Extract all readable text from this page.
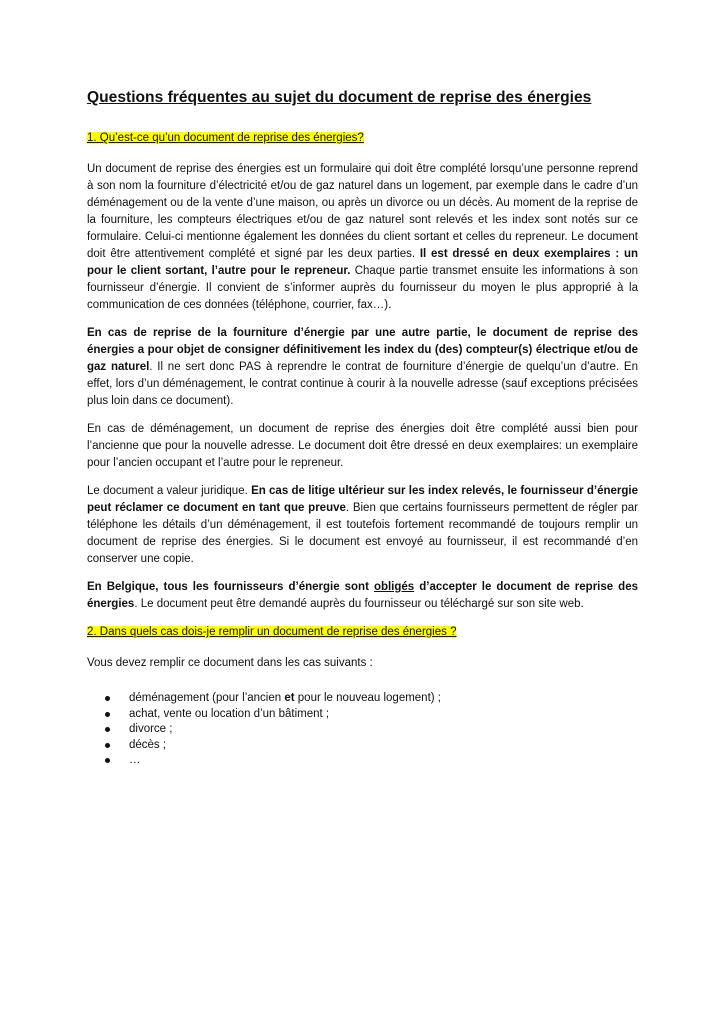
Questions fréquentes au sujet du document de reprise des énergies
1. Qu’est-ce qu’un document de reprise des énergies?

Un document de reprise des énergies est un formulaire qui doit être complété lorsqu’une personne reprend à son nom la fourniture d’électricité et/ou de gaz naturel dans un logement, par exemple dans le cadre d’un déménagement ou de la vente d’une maison, ou après un divorce ou un décès. Au moment de la reprise de la fourniture, les compteurs électriques et/ou de gaz naturel sont relevés et les index sont notés sur ce formulaire. Celui-ci mentionne également les données du client sortant et celles du repreneur. Le document doit être attentivement complété et signé par les deux parties. Il est dressé en deux exemplaires : un pour le client sortant, l’autre pour le repreneur. Chaque partie transmet ensuite les informations à son fournisseur d’énergie. Il convient de s’informer auprès du fournisseur du moyen le plus approprié à la communication de ces données (téléphone, courrier, fax…).

En cas de reprise de la fourniture d’énergie par une autre partie, le document de reprise des énergies a pour objet de consigner définitivement les index du (des) compteur(s) électrique et/ou de gaz naturel. Il ne sert donc PAS à reprendre le contrat de fourniture d’énergie de quelqu’un d’autre. En effet, lors d’un déménagement, le contrat continue à courir à la nouvelle adresse (sauf exceptions précisées plus loin dans ce document).

En cas de déménagement, un document de reprise des énergies doit être complété aussi bien pour l’ancienne que pour la nouvelle adresse. Le document doit être dressé en deux exemplaires: un exemplaire pour l’ancien occupant et l’autre pour le repreneur.

Le document a valeur juridique. En cas de litige ultérieur sur les index relevés, le fournisseur d’énergie peut réclamer ce document en tant que preuve. Bien que certains fournisseurs permettent de régler par téléphone les détails d’un déménagement, il est toutefois fortement recommandé de toujours remplir un document de reprise des énergies. Si le document est envoyé au fournisseur, il est recommandé d’en conserver une copie.

En Belgique, tous les fournisseurs d’énergie sont obligés d’accepter le document de reprise des énergies. Le document peut être demandé auprès du fournisseur ou téléchargé sur son site web.

2. Dans quels cas dois-je remplir un document de reprise des énergies ?

Vous devez remplir ce document dans les cas suivants :

déménagement (pour l’ancien et pour le nouveau logement) ;
achat, vente ou location d’un bâtiment ;
divorce ;
décès ;
…
